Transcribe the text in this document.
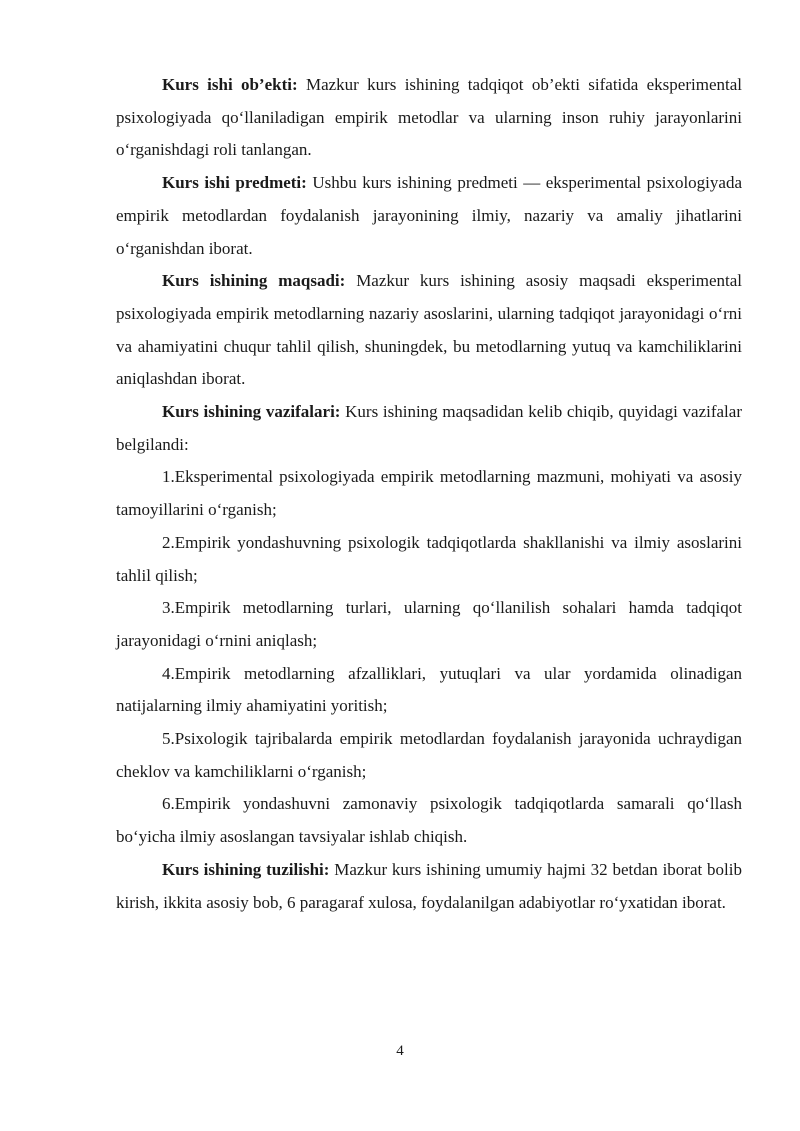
Kurs ishi ob’ekti: Mazkur kurs ishining tadqiqot ob’ekti sifatida eksperimental psixologiyada qo‘llaniladigan empirik metodlar va ularning inson ruhiy jarayonlarini o‘rganishdagi roli tanlangan.

Kurs ishi predmeti: Ushbu kurs ishining predmeti — eksperimental psixologiyada empirik metodlardan foydalanish jarayonining ilmiy, nazariy va amaliy jihatlarini o‘rganishdan iborat.

Kurs ishining maqsadi: Mazkur kurs ishining asosiy maqsadi eksperimental psixologiyada empirik metodlarning nazariy asoslarini, ularning tadqiqot jarayonidagi o‘rni va ahamiyatini chuqur tahlil qilish, shuningdek, bu metodlarning yutuq va kamchiliklarini aniqlashdan iborat.

Kurs ishining vazifalari: Kurs ishining maqsadidan kelib chiqib, quyidagi vazifalar belgilandi:

1.Eksperimental psixologiyada empirik metodlarning mazmuni, mohiyati va asosiy tamoyillarini o‘rganish;

2.Empirik yondashuvning psixologik tadqiqotlarda shakllanishi va ilmiy asoslarini tahlil qilish;

3.Empirik metodlarning turlari, ularning qo‘llanilish sohalari hamda tadqiqot jarayonidagi o‘rnini aniqlash;

4.Empirik metodlarning afzalliklari, yutuqlari va ular yordamida olinadigan natijalarning ilmiy ahamiyatini yoritish;

5.Psixologik tajribalarda empirik metodlardan foydalanish jarayonida uchraydigan cheklov va kamchiliklarni o‘rganish;

6.Empirik yondashuvni zamonaviy psixologik tadqiqotlarda samarali qo‘llash bo‘yicha ilmiy asoslangan tavsiyalar ishlab chiqish.

Kurs ishining tuzilishi: Mazkur kurs ishining umumiy hajmi 32 betdan iborat bolib kirish, ikkita asosiy bob, 6 paragaraf xulosa, foydalanilgan adabiyotlar ro‘yxatidan iborat.

4
